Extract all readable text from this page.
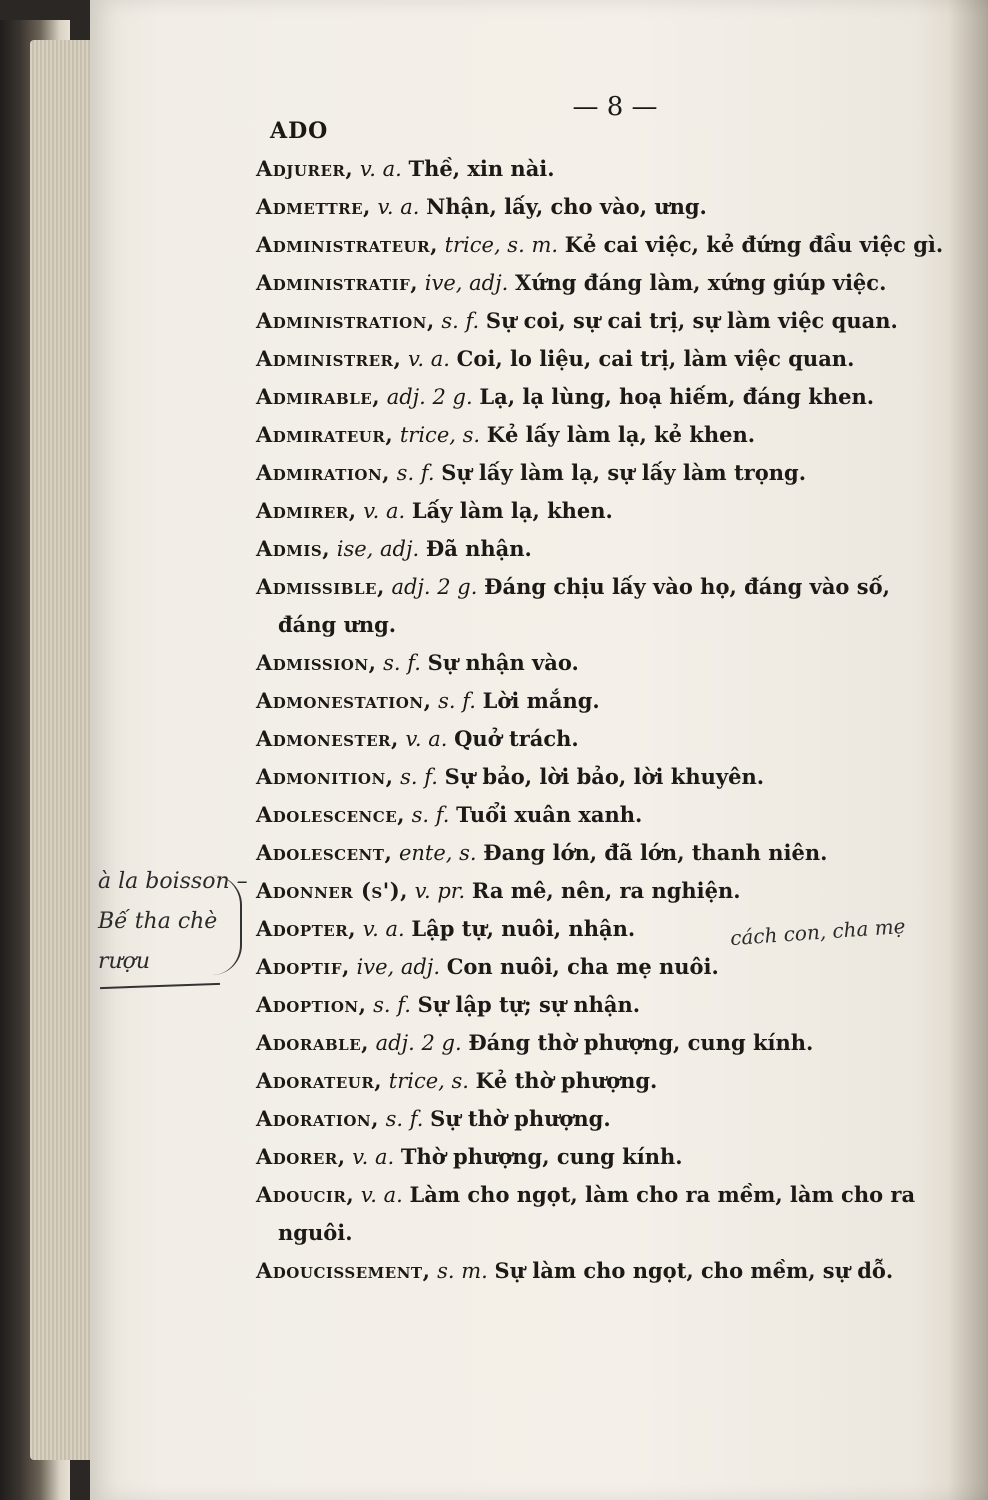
— 8 —
ADO
Adjurer , v. a. Thề, xin nài.
Admettre , v. a. Nhận, lấy, cho vào, ưng.
Administrateur , trice, s. m. Kẻ cai việc, kẻ đứng đầu việc gì.
Administratif , ive, adj. Xứng đáng làm, xứng giúp việc.
Administration , s. f. Sự coi, sự cai trị, sự làm việc quan.
Administrer , v. a. Coi, lo liệu, cai trị, làm việc quan.
Admirable , adj. 2 g. Lạ, lạ lùng, hoạ hiếm, đáng khen.
Admirateur , trice, s. Kẻ lấy làm lạ, kẻ khen.
Admiration , s. f. Sự lấy làm lạ, sự lấy làm trọng.
Admirer , v. a. Lấy làm lạ, khen.
Admis , ise, adj. Đã nhận.
Admissible , adj. 2 g. Đáng chịu lấy vào họ, đáng vào số,
đáng ưng.
Admission , s. f. Sự nhận vào.
Admonestation , s. f. Lời mắng.
Admonester , v. a. Quở trách.
Admonition , s. f. Sự bảo, lời bảo, lời khuyên.
Adolescence , s. f. Tuổi xuân xanh.
Adolescent , ente, s. Đang lớn, đã lớn, thanh niên.
Adonner (s') , v. pr. Ra mê, nên, ra nghiện.
Adopter , v. a. Lập tự, nuôi, nhận.
Adoptif , ive, adj. Con nuôi, cha mẹ nuôi.
Adoption , s. f. Sự lập tự; sự nhận.
Adorable , adj. 2 g. Đáng thờ phượng, cung kính.
Adorateur , trice, s. Kẻ thờ phượng.
Adoration , s. f. Sự thờ phượng.
Adorer , v. a. Thờ phượng, cung kính.
Adoucir , v. a. Làm cho ngọt, làm cho ra mềm, làm cho ra
nguôi.
Adoucissement , s. m. Sự làm cho ngọt, cho mềm, sự dỗ.
à la boisson –
Bế tha chè
rượu
cách con, cha mẹ
